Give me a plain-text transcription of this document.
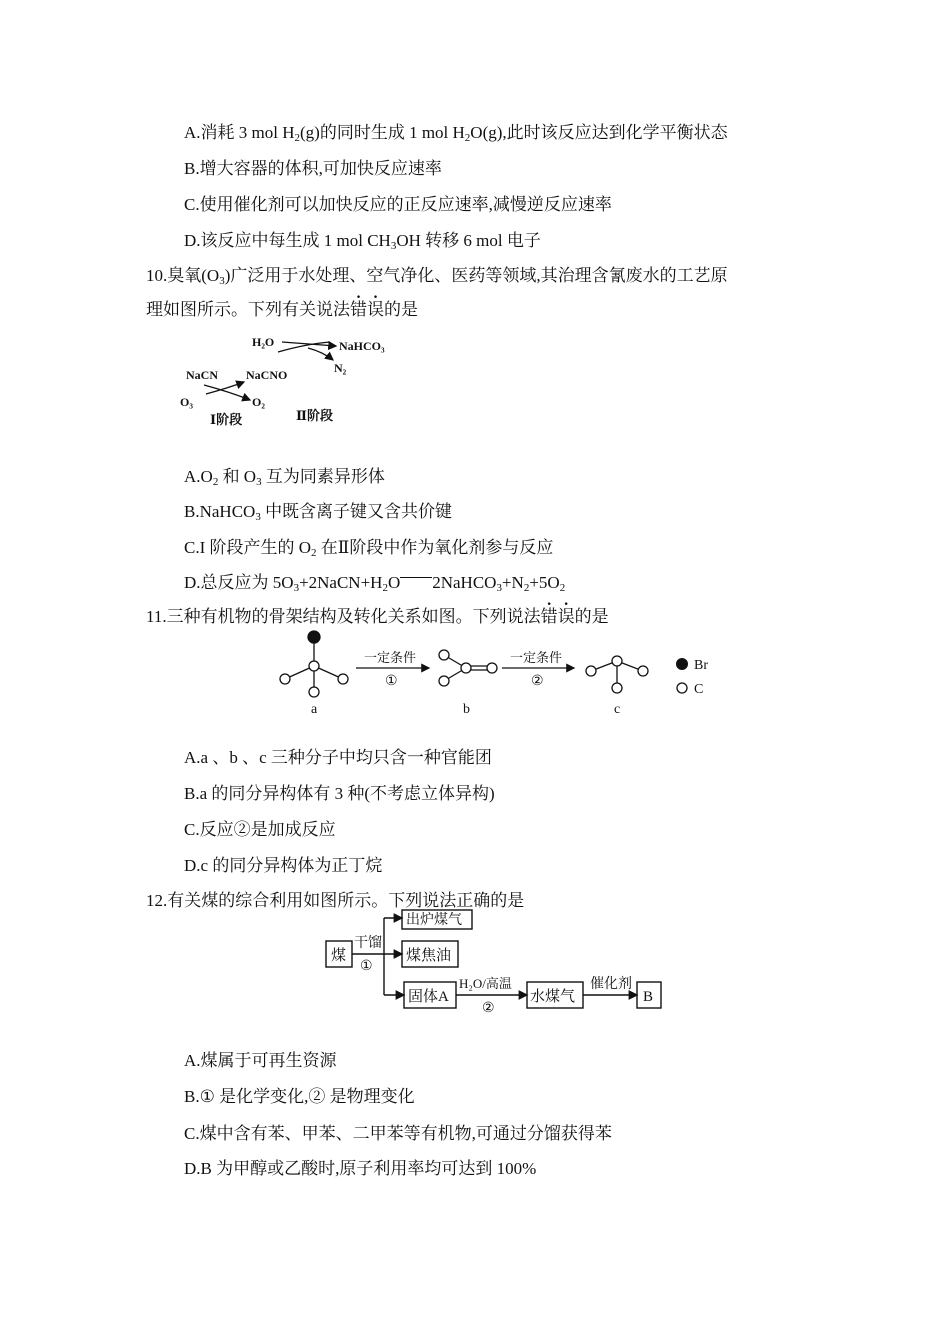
A.消耗 3 mol $H_2(g)$的同时生成 1 mol $H_2O(g)$,此时该反应达到化学平衡状态
B.增大容器的体积,可加快反应速率
C.使用催化剂可以加快反应的正反应速率,减慢逆反应速率
D.该反应中每生成 1 mol $CH_3OH$ 转移 6 mol 电子
10.臭氧$(O_3)$广泛用于水处理、空气净化、医药等领域,其治理含氰废水的工艺原
理如图所示。下列有关说法错误的是
H₂O	NaHCO₃
N₂
NaCN NaCNO
O₃	O₂
Ⅰ阶段	Ⅱ阶段
$A.O_2$ 和 $O_3$ 互为同素异形体
B.NaHCO$_3$ 中既含离子键又含共价键
C.I 阶段产生的 $O_2$ 在Ⅱ阶段中作为氧化剂参与反应
D.总反应为 $5O_3+2NaCN+H_2O$ $2NaHCO_3+N_2+5O_2$
11.三种有机物的骨架结构及转化关系如图。下列说法错误的是
a
一定条件
①
b
一定条件
②
c
Br
C
A.a 、b 、c 三种分子中均只含一种官能团
B.a 的同分异构体有 3 种(不考虑立体异构)
C.反应②是加成反应
D.c 的同分异构体为正丁烷
12.有关煤的综合利用如图所示。下列说法正确的是
煤
干馏
①
出炉煤气
煤焦油
固体A
H₂O/高温
②
水煤气
催化剂
B
A.煤属于可再生资源
B.① 是化学变化,② 是物理变化
C.煤中含有苯、甲苯、二甲苯等有机物,可通过分馏获得苯
D.B 为甲醇或乙酸时,原子利用率均可达到 100%
